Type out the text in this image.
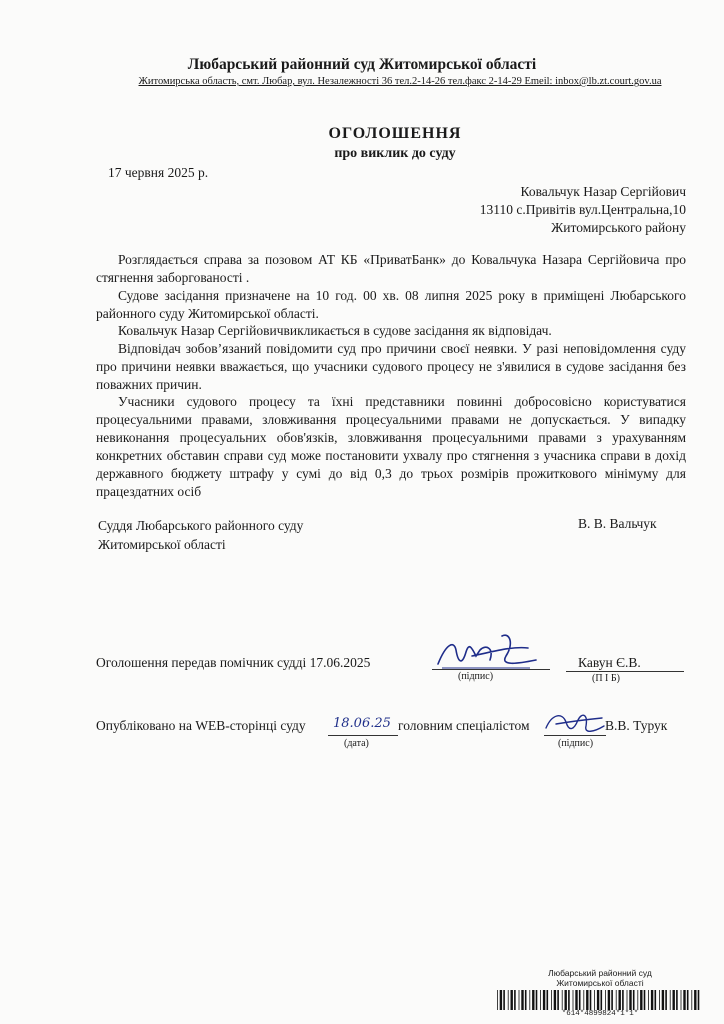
Любарський районний суд Житомирської області
Житомирська область, смт. Любар, вул. Незалежності 36 тел.2-14-26 тел.факс 2-14-29 Emeil: inbox@lb.zt.court.gov.ua
ОГОЛОШЕННЯ
про виклик до суду
17 червня 2025 р.
Ковальчук Назар Сергійович
13110 с.Привітів вул.Центральна,10
Житомирського району
Розглядається справа за позовом АТ КБ «ПриватБанк» до Ковальчука Назара Сергійовича про стягнення заборгованості .
Судове засідання призначене на 10 год. 00 хв. 08 липня 2025 року в приміщені Любарського районного суду Житомирської області.
Ковальчук Назар Сергійовичвикликається в судове засідання як відповідач.
Відповідач зобов’язаний повідомити суд про причини своєї неявки. У разі неповідомлення суду про причини неявки вважається, що учасники судового процесу не з'явилися в судове засідання без поважних причин.
Учасники судового процесу та їхні представники повинні добросовісно користуватися процесуальними правами, зловживання процесуальними правами не допускається. У випадку невиконання процесуальних обов'язків, зловживання процесуальними правами з урахуванням конкретних обставин справи суд може постановити ухвалу про стягнення з учасника справи в дохід державного бюджету штрафу у сумі до від 0,3 до трьох розмірів прожиткового мінімуму для працездатних осіб
Суддя Любарського районного суду
Житомирської області
В. В. Вальчук
Оголошення передав помічник судді 17.06.2025
(підпис)
Кавун Є.В.
(П І Б)
Опубліковано на WEB-сторінці суду 18.06.25
(дата)
головним спеціалістом
(підпис)
В.В. Турук
Любарський районний суд
Житомирської області
*614*4899824*1*1*
